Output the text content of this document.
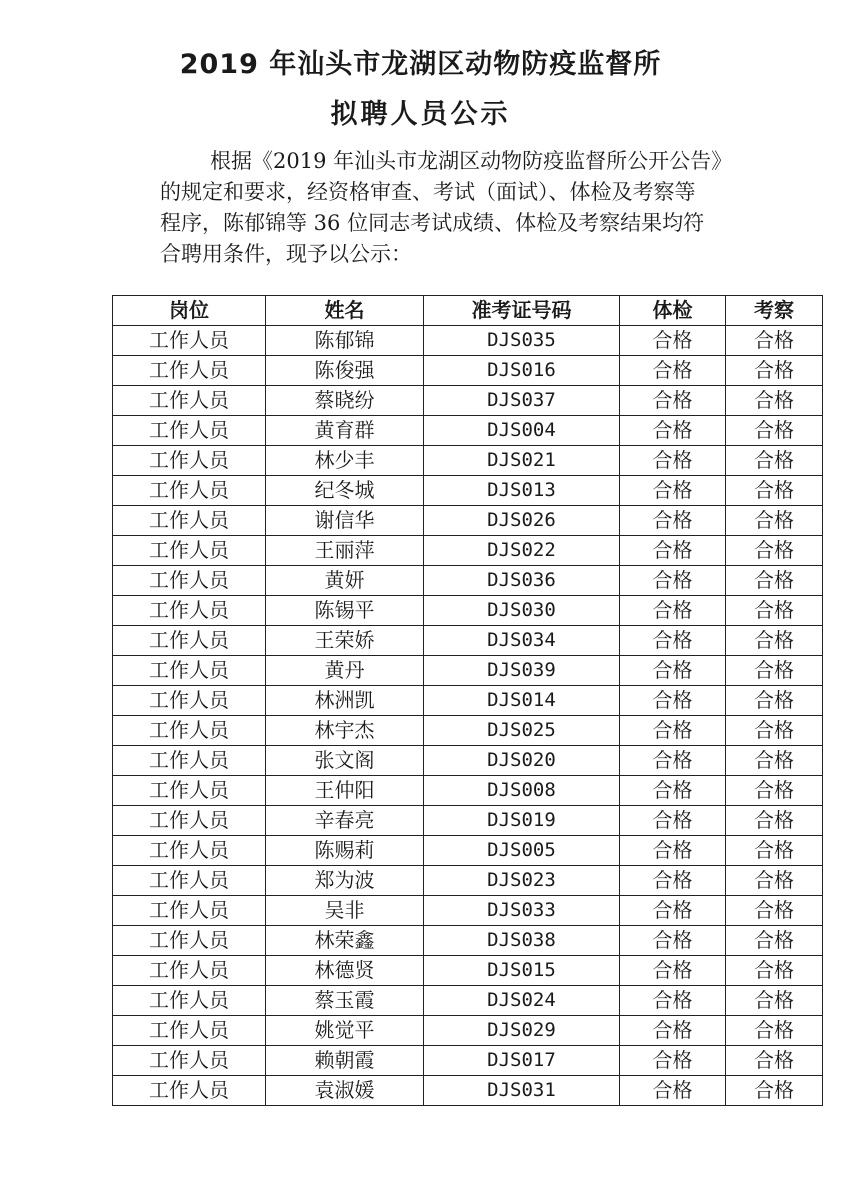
2019 年汕头市龙湖区动物防疫监督所
拟聘人员公示

根据《2019 年汕头市龙湖区动物防疫监督所公开公告》
的规定和要求，经资格审查、考试（面试）、体检及考察等
程序，陈郁锦等 36 位同志考试成绩、体检及考察结果均符
合聘用条件，现予以公示：

岗位	姓名	准考证号码	体检	考察
工作人员	陈郁锦	DJS035	合格	合格
工作人员	陈俊强	DJS016	合格	合格
工作人员	蔡晓纷	DJS037	合格	合格
工作人员	黄育群	DJS004	合格	合格
工作人员	林少丰	DJS021	合格	合格
工作人员	纪冬城	DJS013	合格	合格
工作人员	谢信华	DJS026	合格	合格
工作人员	王丽萍	DJS022	合格	合格
工作人员	黄妍	DJS036	合格	合格
工作人员	陈锡平	DJS030	合格	合格
工作人员	王荣娇	DJS034	合格	合格
工作人员	黄丹	DJS039	合格	合格
工作人员	林洲凯	DJS014	合格	合格
工作人员	林宇杰	DJS025	合格	合格
工作人员	张文阁	DJS020	合格	合格
工作人员	王仲阳	DJS008	合格	合格
工作人员	辛春亮	DJS019	合格	合格
工作人员	陈赐莉	DJS005	合格	合格
工作人员	郑为波	DJS023	合格	合格
工作人员	吴非	DJS033	合格	合格
工作人员	林荣鑫	DJS038	合格	合格
工作人员	林德贤	DJS015	合格	合格
工作人员	蔡玉霞	DJS024	合格	合格
工作人员	姚觉平	DJS029	合格	合格
工作人员	赖朝霞	DJS017	合格	合格
工作人员	袁淑媛	DJS031	合格	合格
